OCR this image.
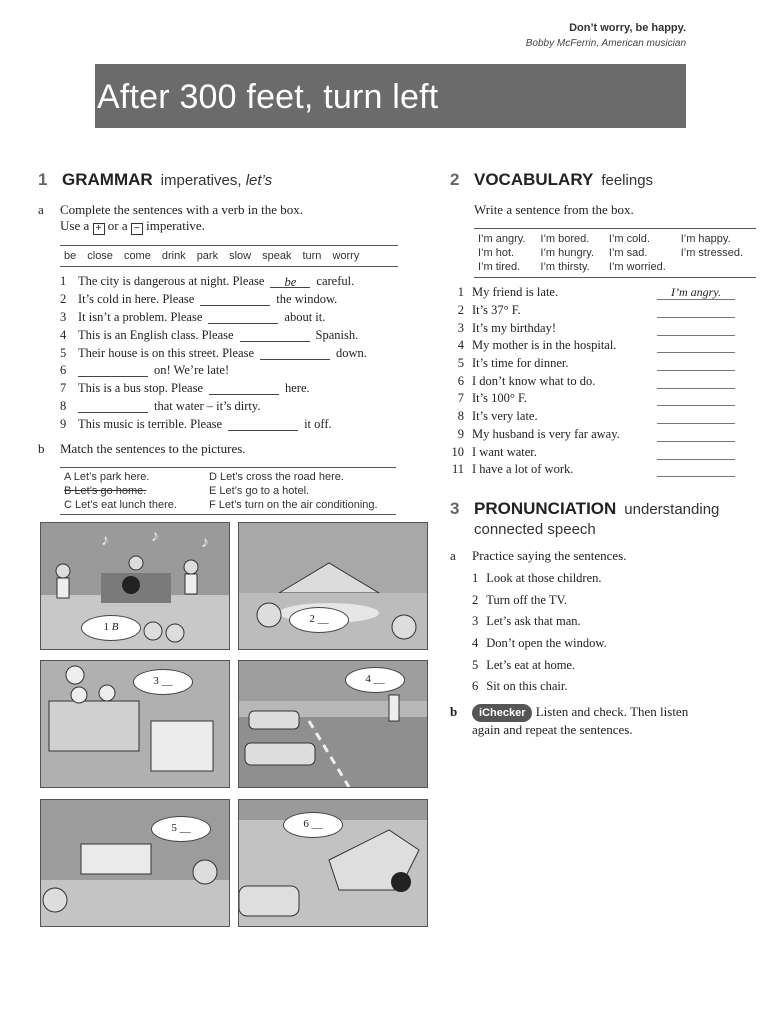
Don’t worry, be happy.
Bobby McFerrin, American musician
After 300 feet, turn left
1 GRAMMAR imperatives, let’s
a	Complete the sentences with a verb in the box.
Use a + or a − imperative.
be close come drink park slow speak turn worry
1 The city is dangerous at night. Please	be	careful.
2 It’s cold in here. Please	the window.
3 It isn’t a problem. Please	about it.
4 This is an English class. Please	Spanish.
5 Their house is on this street. Please	down.
6	on! We’re late!
7 This is a bus stop. Please	here.
8	that water – it’s dirty.
9 This music is terrible. Please	it off.
b Match the sentences to the pictures.
A Let’s park here.	D Let’s cross the road here.
B Let’s go home.	E Let’s go to a hotel.
C Let’s eat lunch there.	F Let’s turn on the air conditioning.
♪	♪	♪
1 B
2 __
3 __	4 __
5 __	6 __
2 VOCABULARY feelings
Write a sentence from the box.
I’m angry.	I’m bored.	I’m cold.	I’m happy.
I’m hot.	I’m hungry.	I’m sad.	I’m stressed.
I’m tired.	I’m thirsty.	I’m worried.
1 My friend is late.	I’m angry.
2 It’s 37° F.
3 It’s my birthday!
4 My mother is in the hospital.
5 It’s time for dinner.
6 I don’t know what to do.
7 It’s 100° F.
8 It’s very late.
9 My husband is very far away.
10 I want water.
11 I have a lot of work.
3 PRONUNCIATION understanding
connected speech
a	Practice saying the sentences.
1 Look at those children.
2 Turn off the TV.
3 Let’s ask that man.
4 Don’t open the window.
5 Let’s eat at home.
6 Sit on this chair.
b	iChecker Listen and check. Then listen
again and repeat the sentences.
